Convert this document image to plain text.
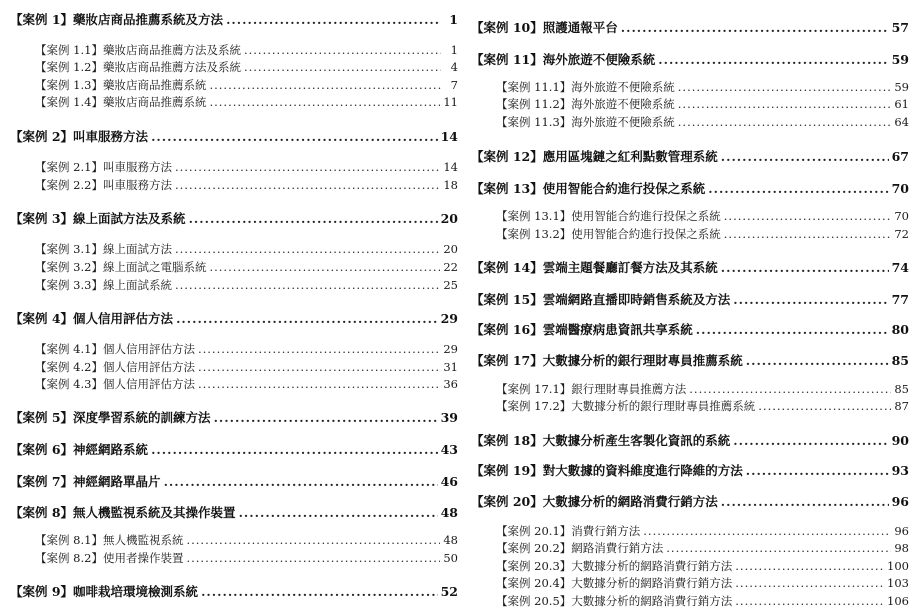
【案例 1】藥妝店商品推薦系統及方法 .....	1
【案例 1.1】藥妝店商品推薦方法及系統 .....	1
【案例 1.2】藥妝店商品推薦方法及系統 .....	4
【案例 1.3】藥妝店商品推薦系統 .....	7
【案例 1.4】藥妝店商品推薦系統 .....	11
【案例 2】叫車服務方法 .....	14
【案例 2.1】叫車服務方法 .....	14
【案例 2.2】叫車服務方法 .....	18
【案例 3】線上面試方法及系統 .....	20
【案例 3.1】線上面試方法 .....	20
【案例 3.2】線上面試之電腦系統 .....	22
【案例 3.3】線上面試系統 .....	25
【案例 4】個人信用評估方法 .....	29
【案例 4.1】個人信用評估方法 .....	29
【案例 4.2】個人信用評估方法 .....	31
【案例 4.3】個人信用評估方法 .....	36
【案例 5】深度學習系統的訓練方法 .....	39
【案例 6】神經網路系統 .....	43
【案例 7】神經網路單晶片 .....	46
【案例 8】無人機監視系統及其操作裝置 .....	48
【案例 8.1】無人機監視系統 .....	48
【案例 8.2】使用者操作裝置 .....	50
【案例 9】咖啡栽培環境檢測系統 .....	52
【案例 10】照護通報平台 .....	57
【案例 11】海外旅遊不便險系統 .....	59
【案例 11.1】海外旅遊不便險系統 .....	59
【案例 11.2】海外旅遊不便險系統 .....	61
【案例 11.3】海外旅遊不便險系統 .....	64
【案例 12】應用區塊鏈之紅利點數管理系統 .....	67
【案例 13】使用智能合約進行投保之系統 .....	70
【案例 13.1】使用智能合約進行投保之系統 .....	70
【案例 13.2】使用智能合約進行投保之系統 .....	72
【案例 14】雲端主題餐廳訂餐方法及其系統 .....	74
【案例 15】雲端網路直播即時銷售系統及方法 .....	77
【案例 16】雲端醫療病患資訊共享系統 .....	80
【案例 17】大數據分析的銀行理財專員推薦系統 .....	85
【案例 17.1】銀行理財專員推薦方法 .....	85
【案例 17.2】大數據分析的銀行理財專員推薦系統 .....	87
【案例 18】大數據分析產生客製化資訊的系統 .....	90
【案例 19】對大數據的資料維度進行降維的方法 .....	93
【案例 20】大數據分析的網路消費行銷方法 .....	96
【案例 20.1】消費行銷方法 .....	96
【案例 20.2】網路消費行銷方法 .....	98
【案例 20.3】大數據分析的網路消費行銷方法 .....	100
【案例 20.4】大數據分析的網路消費行銷方法 .....	103
【案例 20.5】大數據分析的網路消費行銷方法 .....	106
